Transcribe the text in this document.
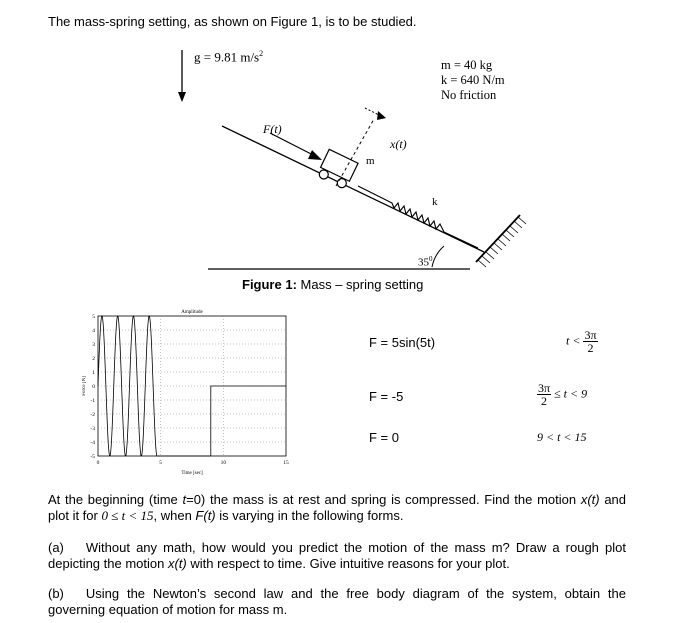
The mass-spring setting, as shown on Figure 1, is to be studied.
g = 9.81 $m/s^2$
m = 40 kg
k = 640 N/m
No friction
F(t)
x(t)
m
k
$35^0$
Figure 1: Mass – spring setting
5
4
3
2
1
0
-1
-2
-3
-4
-5
0	5	10	15
Amplitude
Time [sec]
Force [N]
F = 5sin(5t)	$t < \frac{3\pi}{2}$
F = -5	$\frac{3\pi}{2} \le t < 9$
F = 0	9 < t < 15
At the beginning (time t=0) the mass is at rest and spring is compressed. Find the motion x(t) and plot it for 0 ≤ t < 15, when F(t) is varying in the following forms.
(a) Without any math, how would you predict the motion of the mass m? Draw a rough plot depicting the motion x(t) with respect to time. Give intuitive reasons for your plot.
(b) Using the Newton’s second law and the free body diagram of the system, obtain the governing equation of motion for mass m.
